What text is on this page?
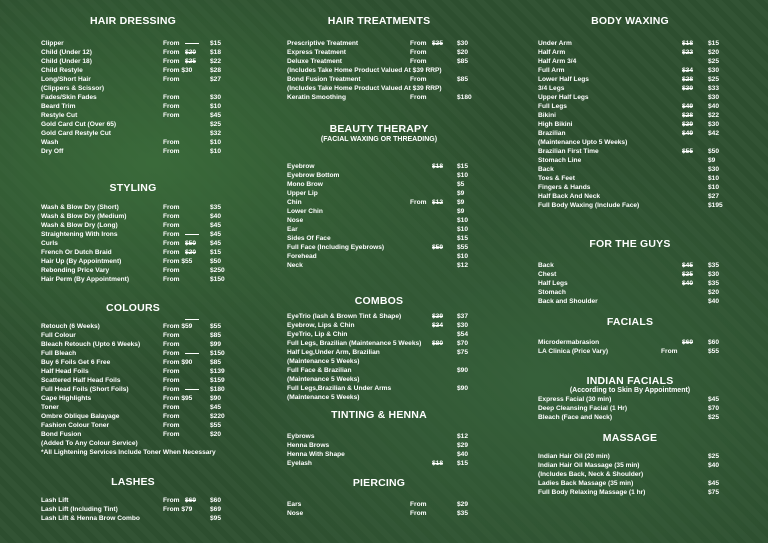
HAIR DRESSING
Clipper	From	$15
Child (Under 12)	From $20 $18
Child (Under 18)	From $25 $22
Child Restyle	From $30	$28
Long/Short Hair	From	$27
(Clippers & Scissor)
Fades/Skin Fades	From	$30
Beard Trim	From	$10
Restyle Cut	From	$45
Gold Card Cut (Over 65)	$25
Gold Card Restyle Cut	$32
Wash	From	$10
Dry Off	From	$10
STYLING
Wash & Blow Dry (Short)	From	$35
Wash & Blow Dry (Medium)	From	$40
Wash & Blow Dry (Long)	From	$45
Straightening With Irons	From	$45
Curls	From $50 $45
French Or Dutch Braid	From $20 $15
Hair Up (By Appointment)	From $55	$50
Rebonding Price Vary	From	$250
Hair Perm (By Appointment)	From	$150
COLOURS
Retouch (6 Weeks)	From $59	$55
Full Colour	From	$85
Bleach Retouch (Upto 6 Weeks)	From	$99
Full Bleach	From	$150
Buy 6 Foils Get 6 Free	From $90	$85
Half Head Foils	From	$139
Scattered Half Head Foils	From	$159
Full Head Foils (Short Foils)	From	$180
Cape Highlights	From $95	$90
Toner	From	$45
Ombre Oblique Balayage	From	$220
Fashion Colour Toner	From	$55
Bond Fusion	From	$20
(Added To Any Colour Service)
*All Lightening Services Include Toner When Necessary
LASHES
Lash Lift	From $69 $60
Lash Lift (Including Tint)	From $79	$69
Lash Lift & Henna Brow Combo	$95
HAIR TREATMENTS
Prescriptive Treatment	From $35 $30
Express Treatment	From	$20
Deluxe Treatment	From	$85
(Includes Take Home Product Valued At $39 RRP)
Bond Fusion Treatment	From	$85
(Includes Take Home Product Valued At $39 RRP)
Keratin Smoothing	From	$180
BEAUTY THERAPY
(FACIAL WAXING OR THREADING)
Eyebrow	$18 $15
Eyebrow Bottom	$10
Mono Brow	$5
Upper Lip	$9
Chin	From $12 $9
Lower Chin	$9
Nose	$10
Ear	$10
Sides Of Face	$15
Full Face (Including Eyebrows)	$59 $55
Forehead	$10
Neck	$12
COMBOS
EyeTrio (lash & Brown Tint & Shape)	$39 $37
Eyebrow, Lips & Chin	$34 $30
EyeTrio, Lip & Chin	$54
Full Legs, Brazilian (Maintenance 5 Weeks) $80 $70
Half Leg,Under Arm, Brazilian	$75
(Maintenance 5 Weeks)
Full Face & Brazilian	$90
(Maintenance 5 Weeks)
Full Legs,Brazilian & Under Arms	$90
(Maintenance 5 Weeks)
TINTING & HENNA
Eybrows	$12
Henna Brows	$29
Henna With Shape	$40
Eyelash	$18 $15
PIERCING
Ears	From	$29
Nose	From	$35
BODY WAXING
Under Arm	$18 $15
Half Arm	$22 $20
Half Arm 3/4	$25
Full Arm	$34 $30
Lower Half Legs	$28 $25
3/4 Legs	$39 $33
Upper Half Legs	$30
Full Legs	$49 $40
Bikini	$28 $22
High Bikini	$39 $30
Brazilian	$49 $42
(Maintenance Upto 5 Weeks)
Brazilian First Time	$55 $50
Stomach Line	$9
Back	$30
Toes & Feet	$10
Fingers & Hands	$10
Half Back And Neck	$27
Full Body Waxing (Include Face)	$195
FOR THE GUYS
Back	$45 $35
Chest	$35 $30
Half Legs	$40 $35
Stomach	$20
Back and Shoulder	$40
FACIALS
Microdermabrasion	$69 $60
LA Clinica (Price Vary)	From	$55
INDIAN FACIALS
(According to Skin By Appointment)
Express Facial (30 min)	$45
Deep Cleansing Facial (1 Hr)	$70
Bleach (Face and Neck)	$25
MASSAGE
Indian Hair Oil (20 min)	$25
Indian Hair Oil Massage (35 min)	$40
(Includes Back, Neck & Shoulder)
Ladies Back Massage (35 min)	$45
Full Body Relaxing Massage (1 hr)	$75
